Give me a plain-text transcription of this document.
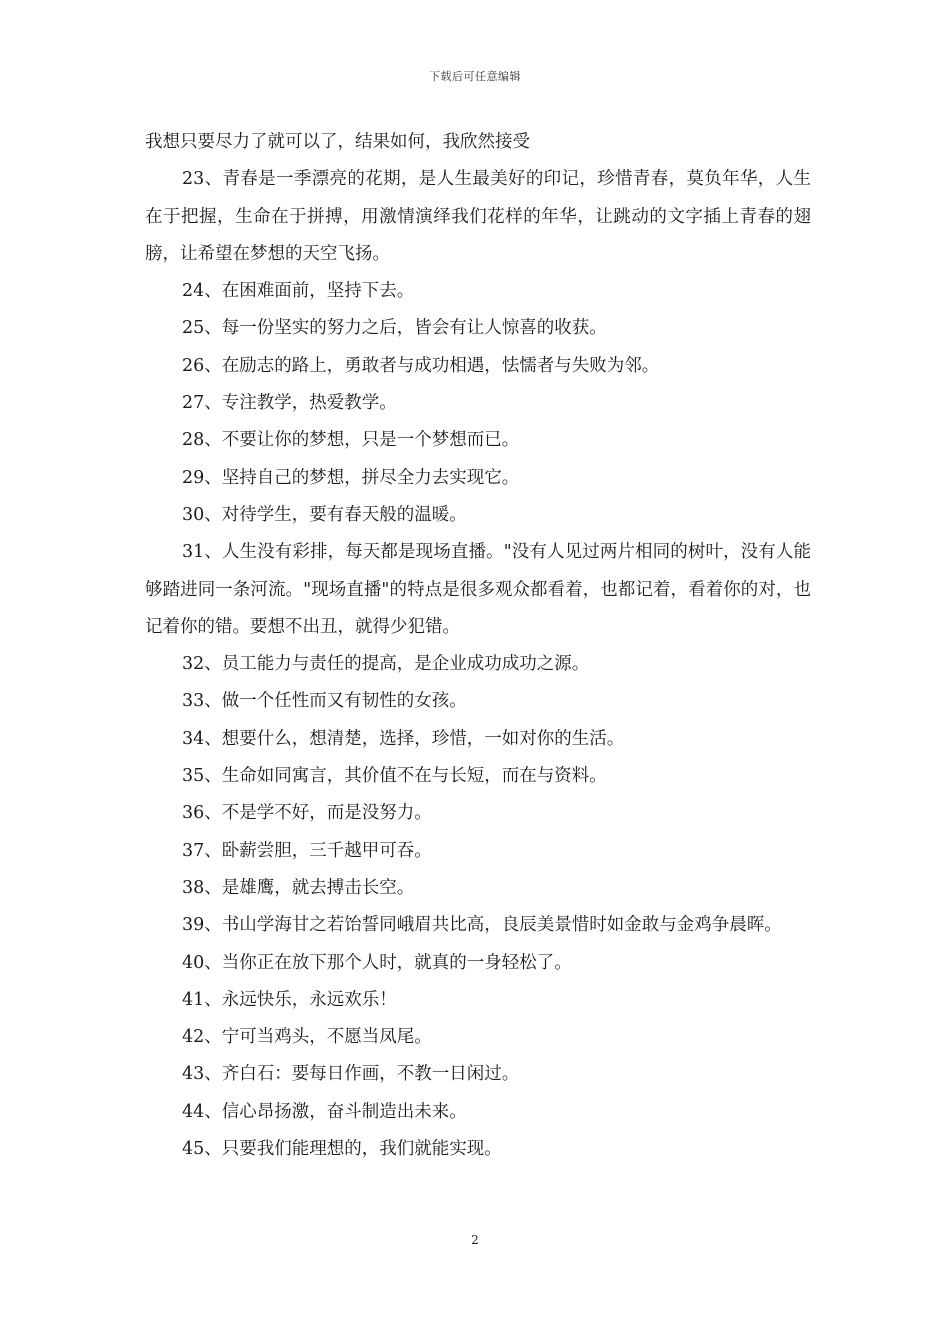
下载后可任意编辑

我想只要尽力了就可以了，结果如何，我欣然接受

23、青春是一季漂亮的花期，是人生最美好的印记，珍惜青春，莫负年华，人生在于把握，生命在于拼搏，用激情演绎我们花样的年华，让跳动的文字插上青春的翅膀，让希望在梦想的天空飞扬。

24、在困难面前，坚持下去。

25、每一份坚实的努力之后，皆会有让人惊喜的收获。

26、在励志的路上，勇敢者与成功相遇，怯懦者与失败为邻。

27、专注教学，热爱教学。

28、不要让你的梦想，只是一个梦想而已。

29、坚持自己的梦想，拼尽全力去实现它。

30、对待学生，要有春天般的温暖。

31、人生没有彩排，每天都是现场直播。"没有人见过两片相同的树叶，没有人能够踏进同一条河流。"现场直播"的特点是很多观众都看着，也都记着，看着你的对，也记着你的错。要想不出丑，就得少犯错。

32、员工能力与责任的提高，是企业成功成功之源。

33、做一个任性而又有韧性的女孩。

34、想要什么，想清楚，选择，珍惜，一如对你的生活。

35、生命如同寓言，其价值不在与长短，而在与资料。

36、不是学不好，而是没努力。

37、卧薪尝胆，三千越甲可吞。

38、是雄鹰，就去搏击长空。

39、书山学海甘之若饴誓同峨眉共比高，良辰美景惜时如金敢与金鸡争晨晖。

40、当你正在放下那个人时，就真的一身轻松了。

41、永远快乐，永远欢乐！

42、宁可当鸡头，不愿当凤尾。

43、齐白石：要每日作画，不教一日闲过。

44、信心昂扬激，奋斗制造出未来。

45、只要我们能理想的，我们就能实现。

2
